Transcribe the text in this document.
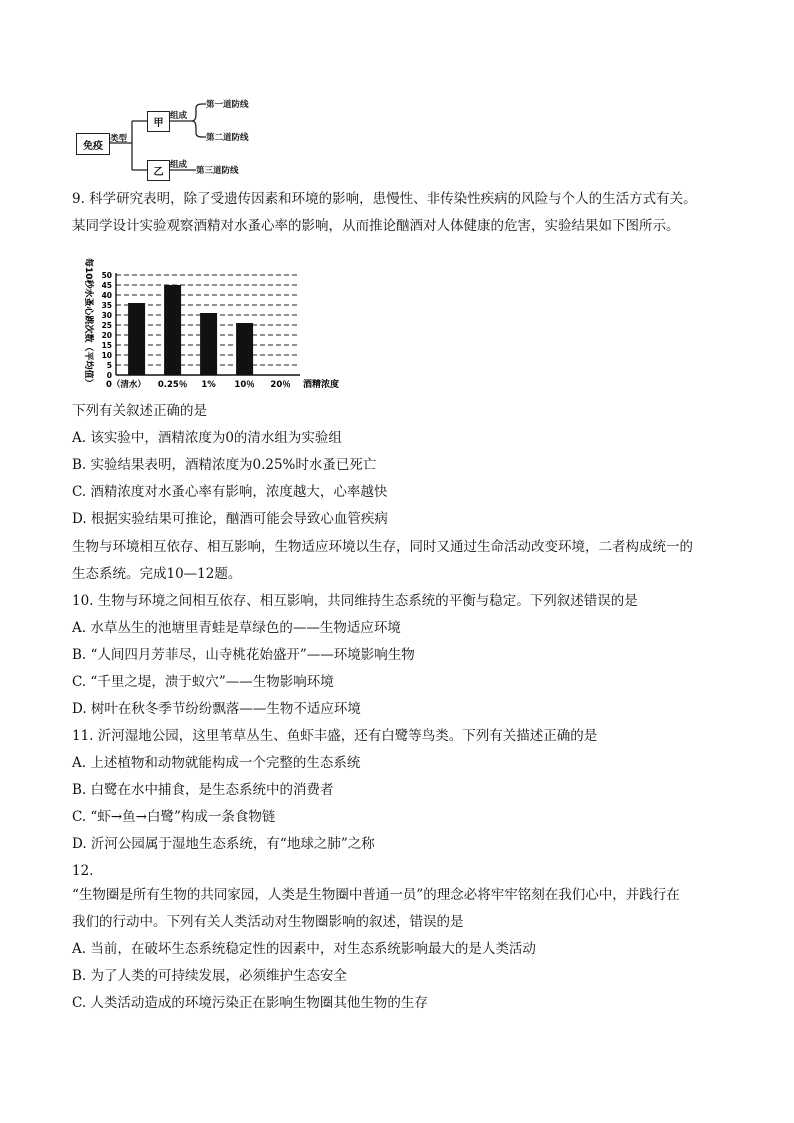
免疫
类型
甲
乙
组成
组成
第一道防线
第二道防线
第三道防线
9. 科学研究表明，除了受遗传因素和环境的影响，患慢性、非传染性疾病的风险与个人的生活方式有关。
某同学设计实验观察酒精对水蚤心率的影响，从而推论酗酒对人体健康的危害，实验结果如下图所示。
每10秒水蚤心跳次数（平均值） 0
5
10
15
20
25
30
35
40
45
50
0（清水） 0.25％ 1% 10％ 20％ 酒精浓度
下列有关叙述正确的是
A. 该实验中，酒精浓度为0的清水组为实验组
B. 实验结果表明，酒精浓度为0.25%时水蚤已死亡
C. 酒精浓度对水蚤心率有影响，浓度越大，心率越快
D. 根据实验结果可推论，酗酒可能会导致心血管疾病
生物与环境相互依存、相互影响，生物适应环境以生存，同时又通过生命活动改变环境，二者构成统一的
生态系统。完成10—12题。
10. 生物与环境之间相互依存、相互影响，共同维持生态系统的平衡与稳定。下列叙述错误的是
A. 水草丛生的池塘里青蛙是草绿色的——生物适应环境
B. “人间四月芳菲尽，山寺桃花始盛开”——环境影响生物
C. “千里之堤，溃于蚁穴”——生物影响环境
D. 树叶在秋冬季节纷纷飘落——生物不适应环境
11. 沂河湿地公园，这里苇草丛生、鱼虾丰盛，还有白鹭等鸟类。下列有关描述正确的是
A. 上述植物和动物就能构成一个完整的生态系统
B. 白鹭在水中捕食，是生态系统中的消费者
C. “虾→鱼→白鹭”构成一条食物链
D. 沂河公园属于湿地生态系统，有“地球之肺”之称
12.
“生物圈是所有生物的共同家园，人类是生物圈中普通一员”的理念必将牢牢铭刻在我们心中，并践行在
我们的行动中。下列有关人类活动对生物圈影响的叙述，错误的是
A. 当前，在破坏生态系统稳定性的因素中，对生态系统影响最大的是人类活动
B. 为了人类的可持续发展，必须维护生态安全
C. 人类活动造成的环境污染正在影响生物圈其他生物的生存
